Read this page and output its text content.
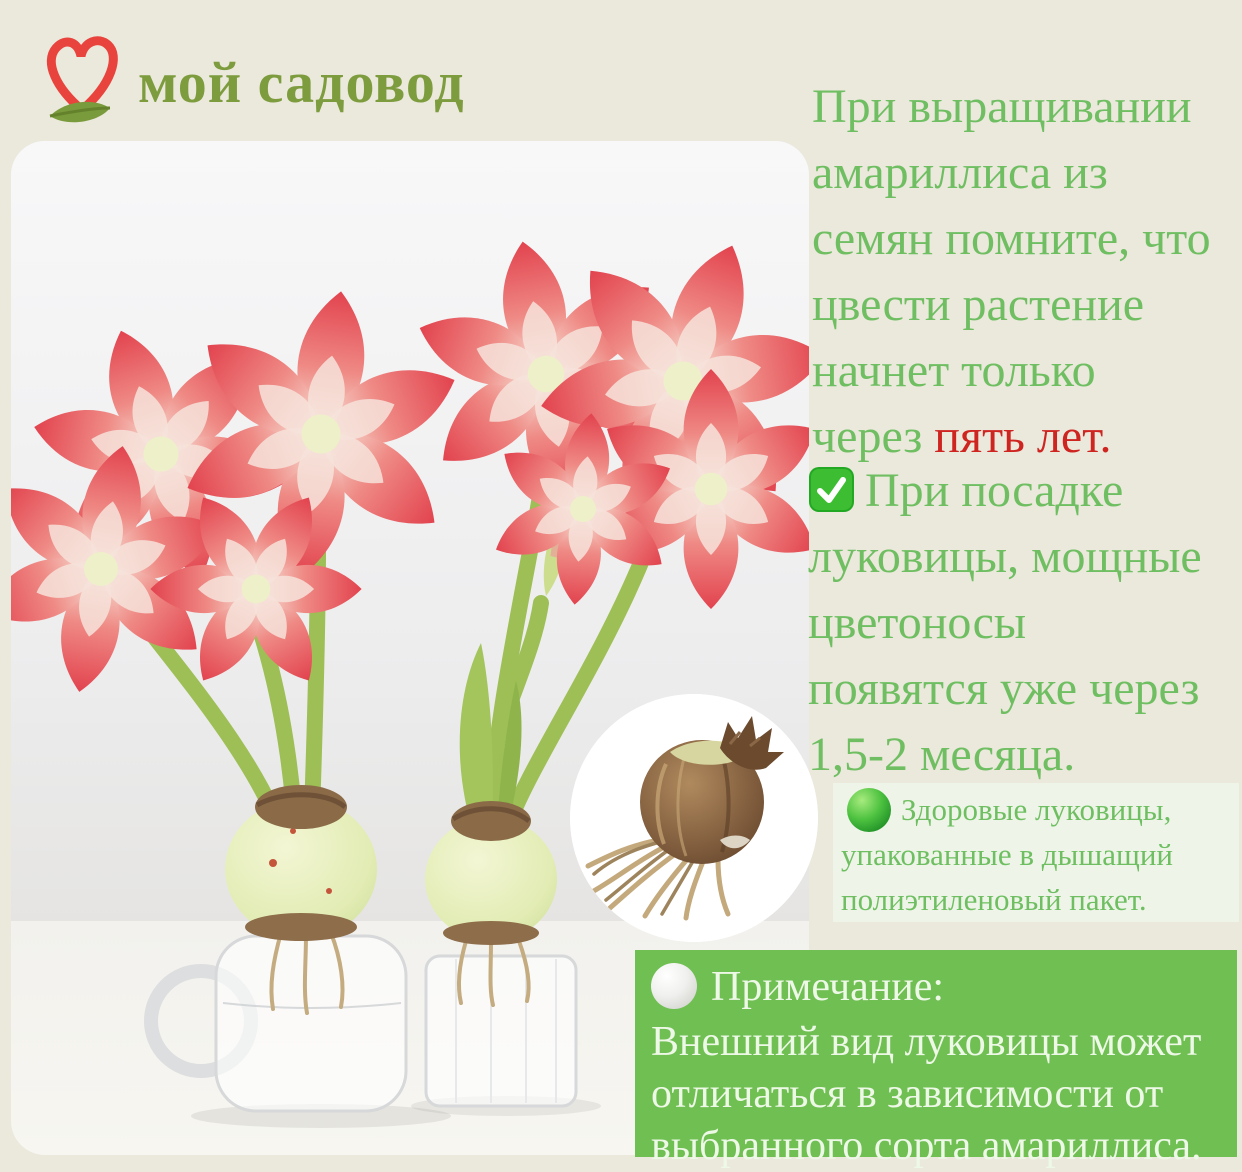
мой садовод	При выращивании
амариллиса из
семян помните, что
цвести растение
начнет только
через пять лет.
При посадке
луковицы, мощные
цветоносы
появятся уже через
1,5-2 месяца.
Здоровые луковицы,
упакованные в дышащий
полиэтиленовый пакет.
Примечание:
Внешний вид луковицы может
отличаться в зависимости от
выбранного сорта амариллиса.
